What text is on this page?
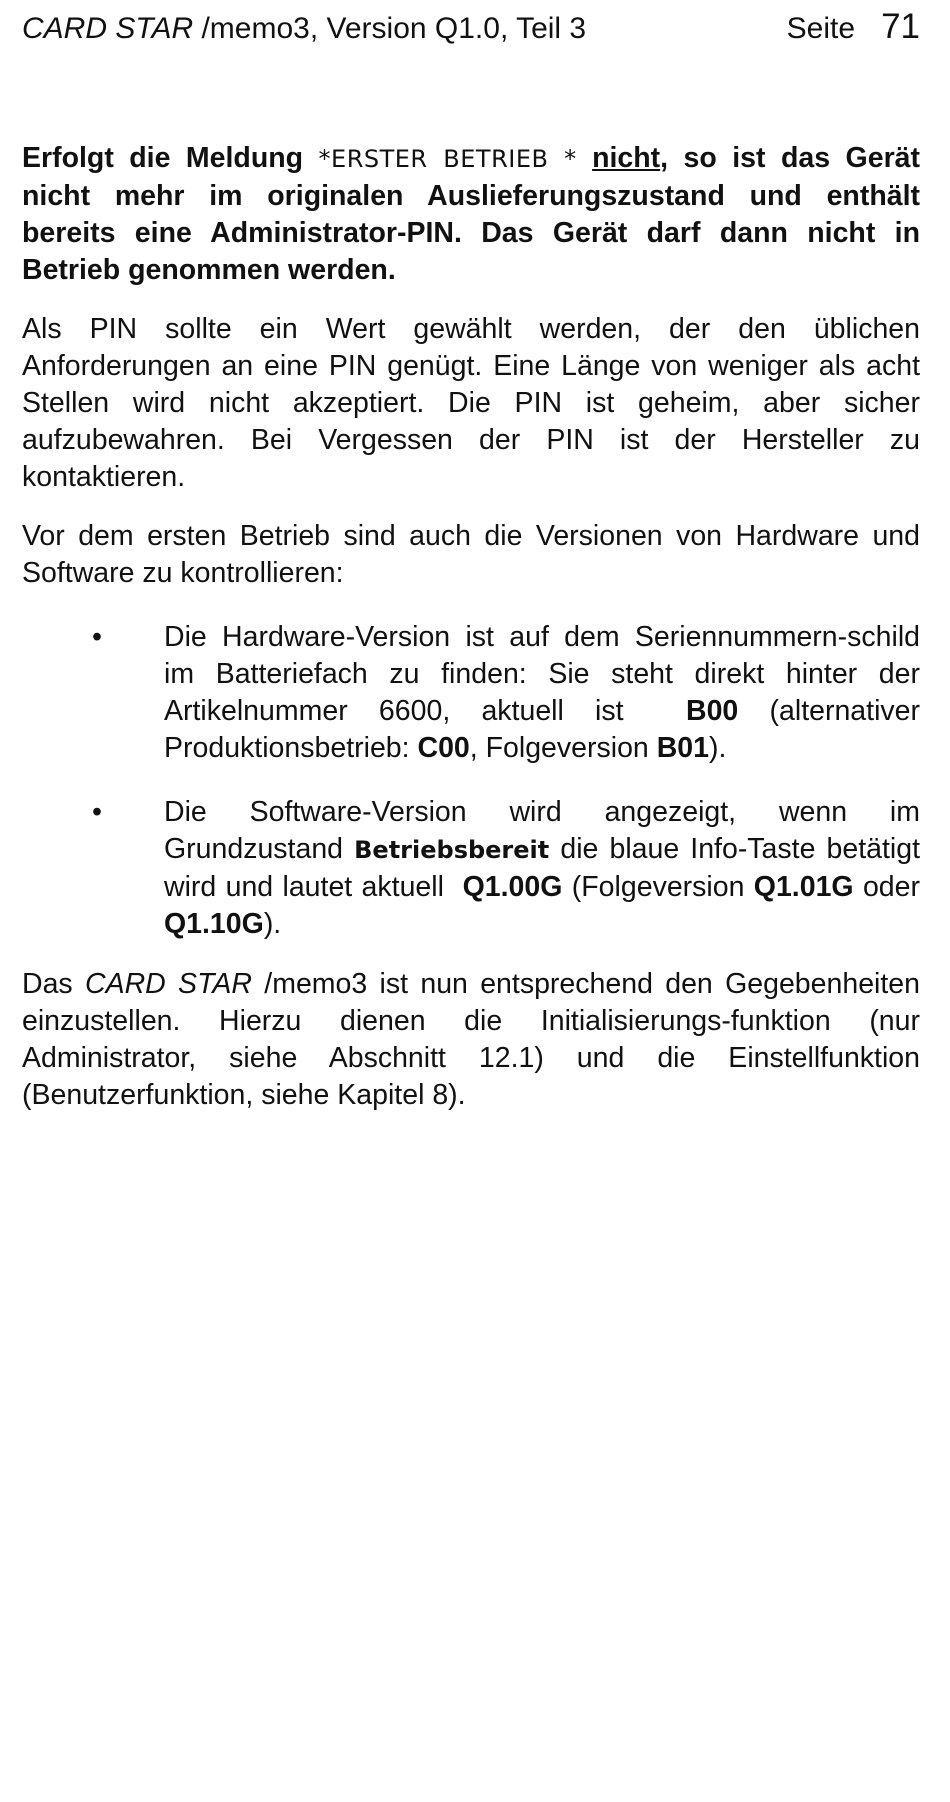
CARD STAR /memo3, Version Q1.0, Teil 3	Seite 71

Erfolgt die Meldung *ERSTER BETRIEB * nicht, so ist das Gerät nicht mehr im originalen Auslieferungszustand und enthält bereits eine Administrator-PIN. Das Gerät darf dann nicht in Betrieb genommen werden.

Als PIN sollte ein Wert gewählt werden, der den üblichen Anforderungen an eine PIN genügt. Eine Länge von weniger als acht Stellen wird nicht akzeptiert. Die PIN ist geheim, aber sicher aufzubewahren. Bei Vergessen der PIN ist der Hersteller zu kontaktieren.

Vor dem ersten Betrieb sind auch die Versionen von Hardware und Software zu kontrollieren:

• Die Hardware-Version ist auf dem Seriennummern-schild im Batteriefach zu finden: Sie steht direkt hinter der Artikelnummer 6600, aktuell ist B00 (alternativer Produktionsbetrieb: C00, Folgeversion B01).
• Die Software-Version wird angezeigt, wenn im Grundzustand Betriebsbereit die blaue Info-Taste betätigt wird und lautet aktuell Q1.00G (Folgeversion Q1.01G oder Q1.10G).

Das CARD STAR /memo3 ist nun entsprechend den Gegebenheiten einzustellen. Hierzu dienen die Initialisierungs-funktion (nur Administrator, siehe Abschnitt 12.1) und die Einstellfunktion (Benutzerfunktion, siehe Kapitel 8).
